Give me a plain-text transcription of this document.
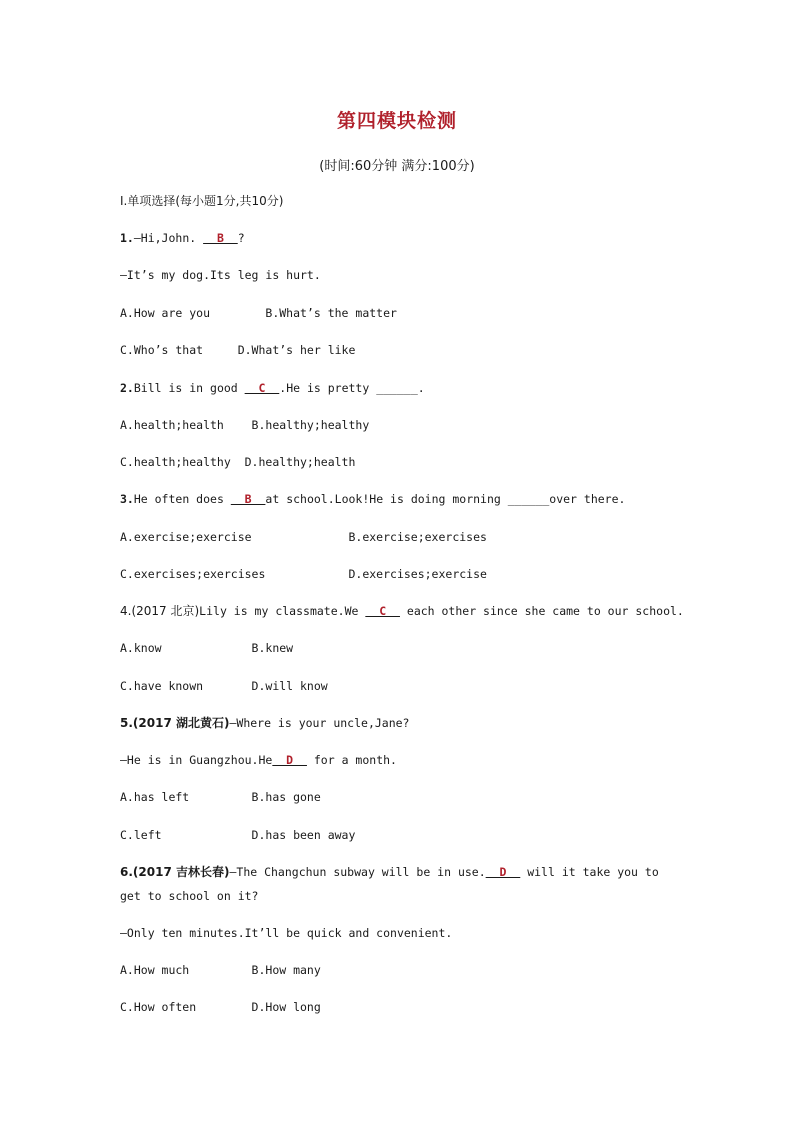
第四模块检测
(时间:60分钟 满分:100分)
Ⅰ.单项选择(每小题1分,共10分)
1.—Hi,John.   B  ?
—It’s my dog.Its leg is hurt.
A.How are you        B.What’s the matter
C.Who’s that     D.What’s her like
2.Bill is in good   C  .He is pretty ______.
A.health;health    B.healthy;healthy
C.health;healthy  D.healthy;health
3.He often does   B  at school.Look!He is doing morning ______over there.
A.exercise;exercise              B.exercise;exercises
C.exercises;exercises            D.exercises;exercise
4.(2017 北京)Lily is my classmate.We   C   each other since she came to our school.
A.know             B.knew
C.have known       D.will know
5.(2017 湖北黄石)—Where is your uncle,Jane?
—He is in Guangzhou.He  D   for a month.
A.has left         B.has gone
C.left             D.has been away
6.(2017 吉林长春)—The Changchun subway will be in use.  D   will it take you to
get to school on it?
—Only ten minutes.It’ll be quick and convenient.
A.How much         B.How many
C.How often        D.How long
